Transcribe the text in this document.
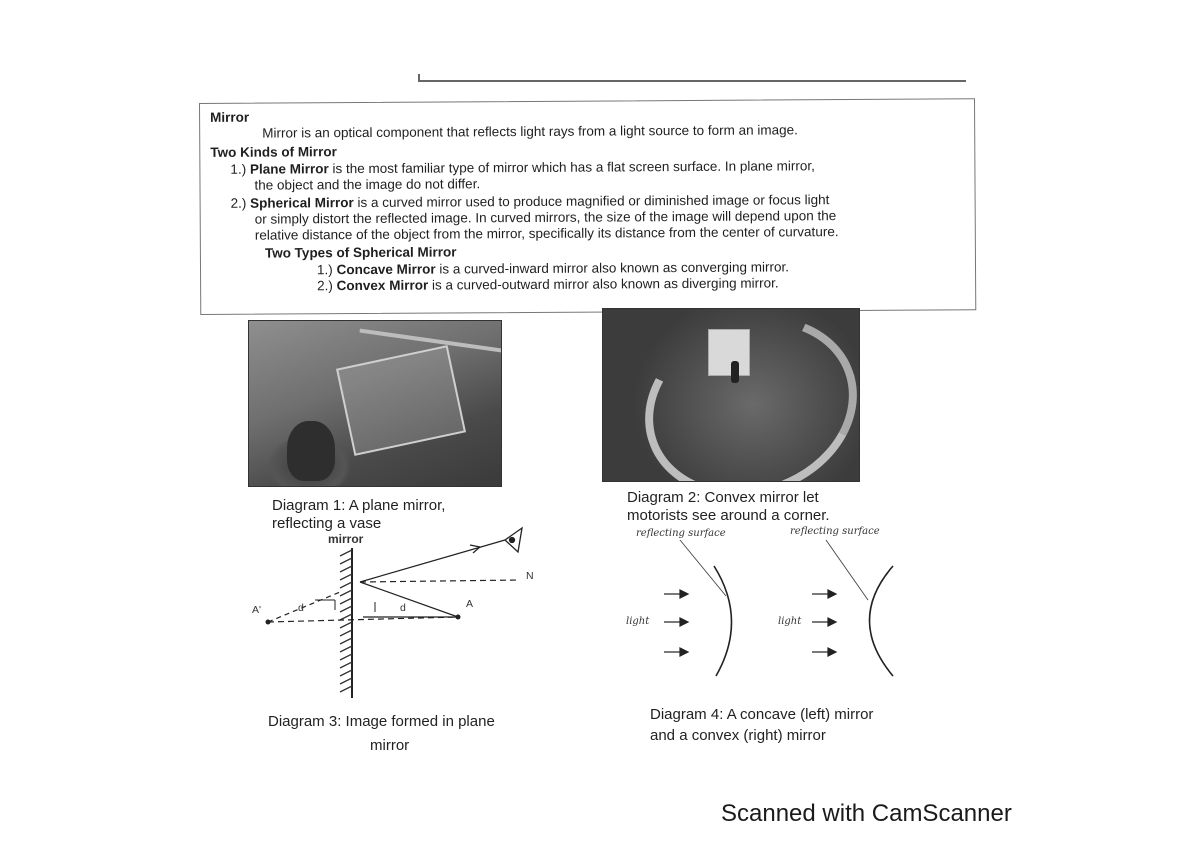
Mirror
Mirror is an optical component that reflects light rays from a light source to form an image.
Two Kinds of Mirror
1.) Plane Mirror is the most familiar type of mirror which has a flat screen surface. In plane mirror,
the object and the image do not differ.
2.) Spherical Mirror is a curved mirror used to produce magnified or diminished image or focus light
or simply distort the reflected image. In curved mirrors, the size of the image will depend upon the
relative distance of the object from the mirror, specifically its distance from the center of curvature.
Two Types of Spherical Mirror
1.) Concave Mirror is a curved-inward mirror also known as converging mirror.
2.) Convex Mirror is a curved-outward mirror also known as diverging mirror.
Diagram 1: A plane mirror,
reflecting a vase
Diagram 2: Convex mirror let
motorists see around a corner.
mirror
N
A
A'	d
d
Diagram 3: Image formed in plane
mirror
reflecting surface	reflecting surface
light	light
Diagram 4: A concave (left) mirror
and a convex (right) mirror
Scanned with CamScanner
